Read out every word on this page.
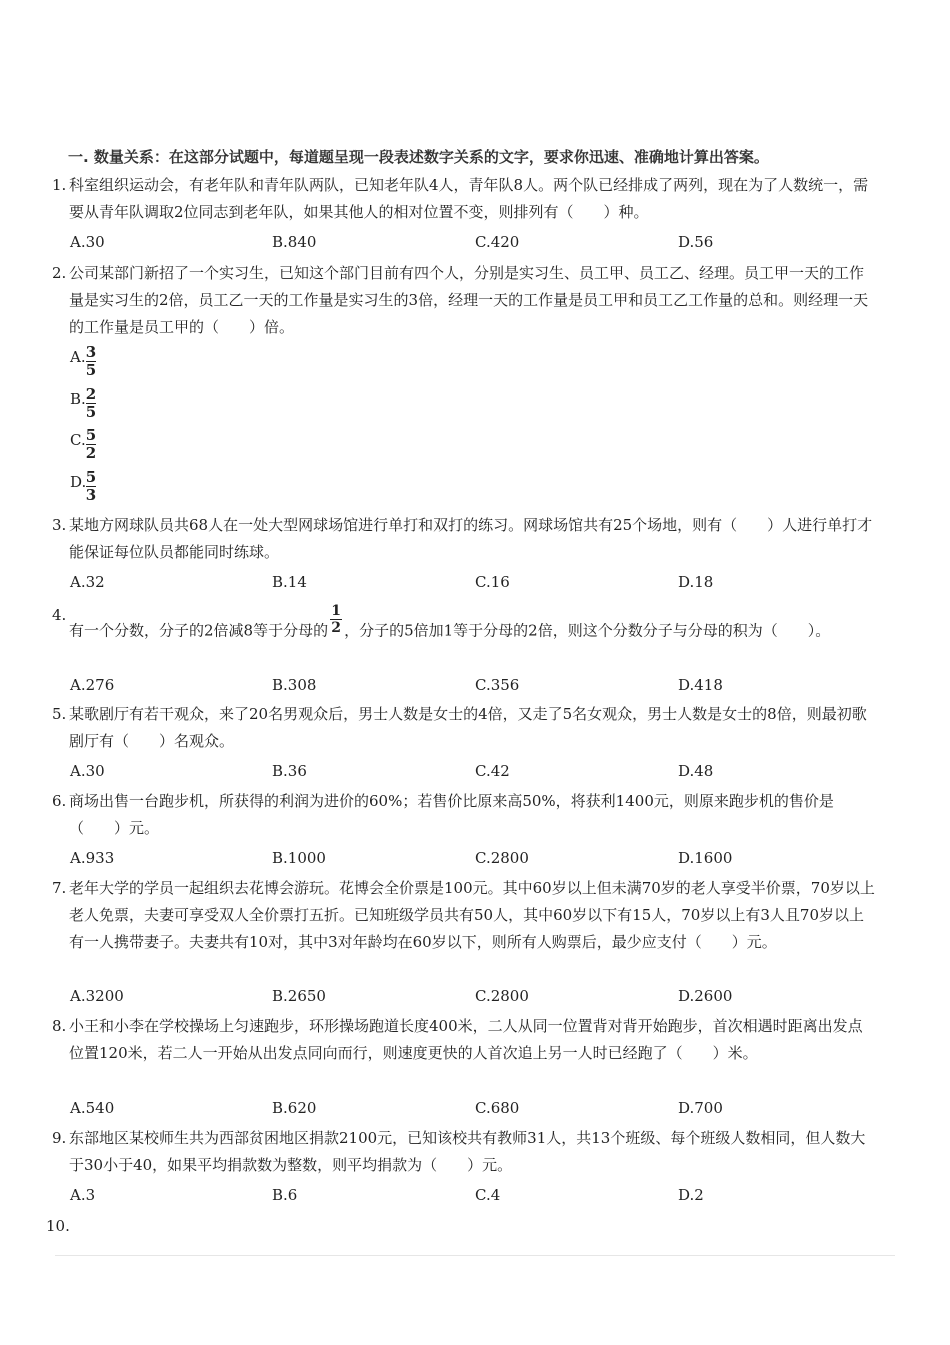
一. 数量关系：在这部分试题中，每道题呈现一段表述数字关系的文字，要求你迅速、准确地计算出答案。
1. 科室组织运动会，有老年队和青年队两队，已知老年队4人，青年队8人。两个队已经排成了两列，现在为了人数统一，需要从青年队调取2位同志到老年队，如果其他人的相对位置不变，则排列有（　　）种。
A.30	B.840	C.420	D.56
2. 公司某部门新招了一个实习生，已知这个部门目前有四个人，分别是实习生、员工甲、员工乙、经理。员工甲一天的工作量是实习生的2倍，员工乙一天的工作量是实习生的3倍，经理一天的工作量是员工甲和员工乙工作量的总和。则经理一天的工作量是员工甲的（　　）倍。
A. 3
5
B. 2
5
C. 5
2
D. 5
3
3. 某地方网球队员共68人在一处大型网球场馆进行单打和双打的练习。网球场馆共有25个场地，则有（　　）人进行单打才能保证每位队员都能同时练球。
A.32	B.14	C.16	D.18
4.
有一个分数，分子的2倍减8等于分母的 $\frac{1}{2}$ ，分子的5倍加1等于分母的2倍，则这个分数分子与分母的积为（　　）。
A.276	B.308	C.356	D.418
5. 某歌剧厅有若干观众，来了20名男观众后，男士人数是女士的4倍，又走了5名女观众，男士人数是女士的8倍，则最初歌剧厅有（　　）名观众。
A.30	B.36	C.42	D.48
6. 商场出售一台跑步机，所获得的利润为进价的60%；若售价比原来高50%，将获利1400元，则原来跑步机的售价是（　　）元。
A.933	B.1000	C.2800	D.1600
7. 老年大学的学员一起组织去花博会游玩。花博会全价票是100元。其中60岁以上但未满70岁的老人享受半价票，70岁以上老人免票，夫妻可享受双人全价票打五折。已知班级学员共有50人，其中60岁以下有15人，70岁以上有3人且70岁以上有一人携带妻子。夫妻共有10对，其中3对年龄均在60岁以下，则所有人购票后，最少应支付（　　）元。
A.3200	B.2650	C.2800	D.2600
8. 小王和小李在学校操场上匀速跑步，环形操场跑道长度400米，二人从同一位置背对背开始跑步，首次相遇时距离出发点位置120米，若二人一开始从出发点同向而行，则速度更快的人首次追上另一人时已经跑了（　　）米。
A.540	B.620	C.680	D.700
9. 东部地区某校师生共为西部贫困地区捐款2100元，已知该校共有教师31人，共13个班级、每个班级人数相同，但人数大于30小于40，如果平均捐款数为整数，则平均捐款为（　　）元。
A.3	B.6	C.4	D.2
10.
